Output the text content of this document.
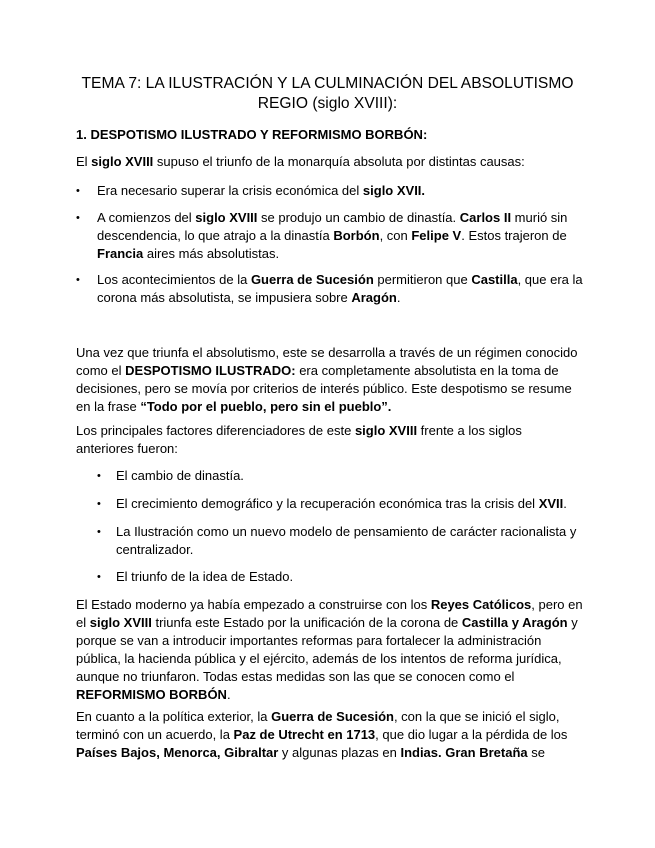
TEMA 7: LA ILUSTRACIÓN Y LA CULMINACIÓN DEL ABSOLUTISMO
REGIO (siglo XVIII):
1. DESPOTISMO ILUSTRADO Y REFORMISMO BORBÓN:
El siglo XVIII supuso el triunfo de la monarquía absoluta por distintas causas:
• Era necesario superar la crisis económica del siglo XVII.
• A comienzos del siglo XVIII se produjo un cambio de dinastía. Carlos II murió sin
descendencia, lo que atrajo a la dinastía Borbón, con Felipe V. Estos trajeron de
Francia aires más absolutistas.
• Los acontecimientos de la Guerra de Sucesión permitieron que Castilla, que era la
corona más absolutista, se impusiera sobre Aragón.
Una vez que triunfa el absolutismo, este se desarrolla a través de un régimen conocido
como el DESPOTISMO ILUSTRADO: era completamente absolutista en la toma de
decisiones, pero se movía por criterios de interés público. Este despotismo se resume
en la frase “Todo por el pueblo, pero sin el pueblo”.
Los principales factores diferenciadores de este siglo XVIII frente a los siglos
anteriores fueron:
• El cambio de dinastía.
• El crecimiento demográfico y la recuperación económica tras la crisis del XVII.
• La Ilustración como un nuevo modelo de pensamiento de carácter racionalista y
centralizador.
• El triunfo de la idea de Estado.
El Estado moderno ya había empezado a construirse con los Reyes Católicos, pero en
el siglo XVIII triunfa este Estado por la unificación de la corona de Castilla y Aragón y
porque se van a introducir importantes reformas para fortalecer la administración
pública, la hacienda pública y el ejército, además de los intentos de reforma jurídica,
aunque no triunfaron. Todas estas medidas son las que se conocen como el
REFORMISMO BORBÓN.
En cuanto a la política exterior, la Guerra de Sucesión, con la que se inició el siglo,
terminó con un acuerdo, la Paz de Utrecht en 1713, que dio lugar a la pérdida de los
Países Bajos, Menorca, Gibraltar y algunas plazas en Indias. Gran Bretaña se
